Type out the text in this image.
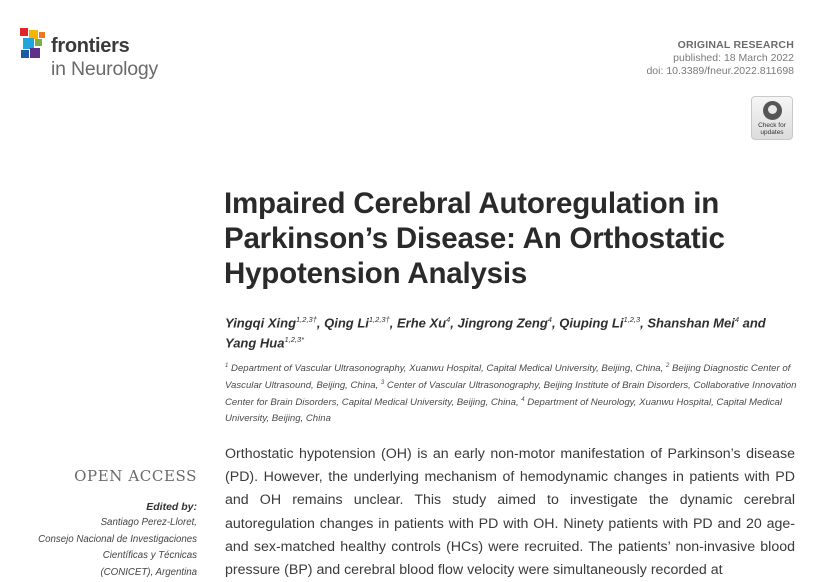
frontiers
in Neurology
ORIGINAL RESEARCH
published: 18 March 2022
doi: 10.3389/fneur.2022.811698
Check for
updates
Impaired Cerebral Autoregulation in Parkinson’s Disease: An Orthostatic Hypotension Analysis
Yingqi Xing$^{1,2,3\dagger}$, Qing $Li^{1,2,3\dagger}$, Erhe Xu$^4$, Jingrong Zeng$^4$, Qiuping Li$^{1,2,3}$, Shanshan Mei$^4$ and Yang Hua$^{1,2,3*}$
$^1$ Department of Vascular Ultrasonography, Xuanwu Hospital, Capital Medical University, Beijing, China, $^2$ Beijing Diagnostic Center of Vascular Ultrasound, Beijing, China, $^3$ Center of Vascular Ultrasonography, Beijing Institute of Brain Disorders, Collaborative Innovation Center for Brain Disorders, Capital Medical University, Beijing, China, $^4$ Department of Neurology, Xuanwu Hospital, Capital Medical University, Beijing, China

Orthostatic hypotension (OH) is an early non-motor manifestation of Parkinson’s disease (PD). However, the underlying mechanism of hemodynamic changes in patients with PD and OH remains unclear. This study aimed to investigate the dynamic cerebral autoregulation changes in patients with PD with OH. Ninety patients with PD and 20 age- and sex-matched healthy controls (HCs) were recruited. The patients’ non-invasive blood pressure (BP) and cerebral blood flow velocity were simultaneously recorded at

OPEN ACCESS
Edited by:
Santiago Perez-Lloret,
Consejo Nacional de Investigaciones
Científicas y Técnicas
(CONICET), Argentina
